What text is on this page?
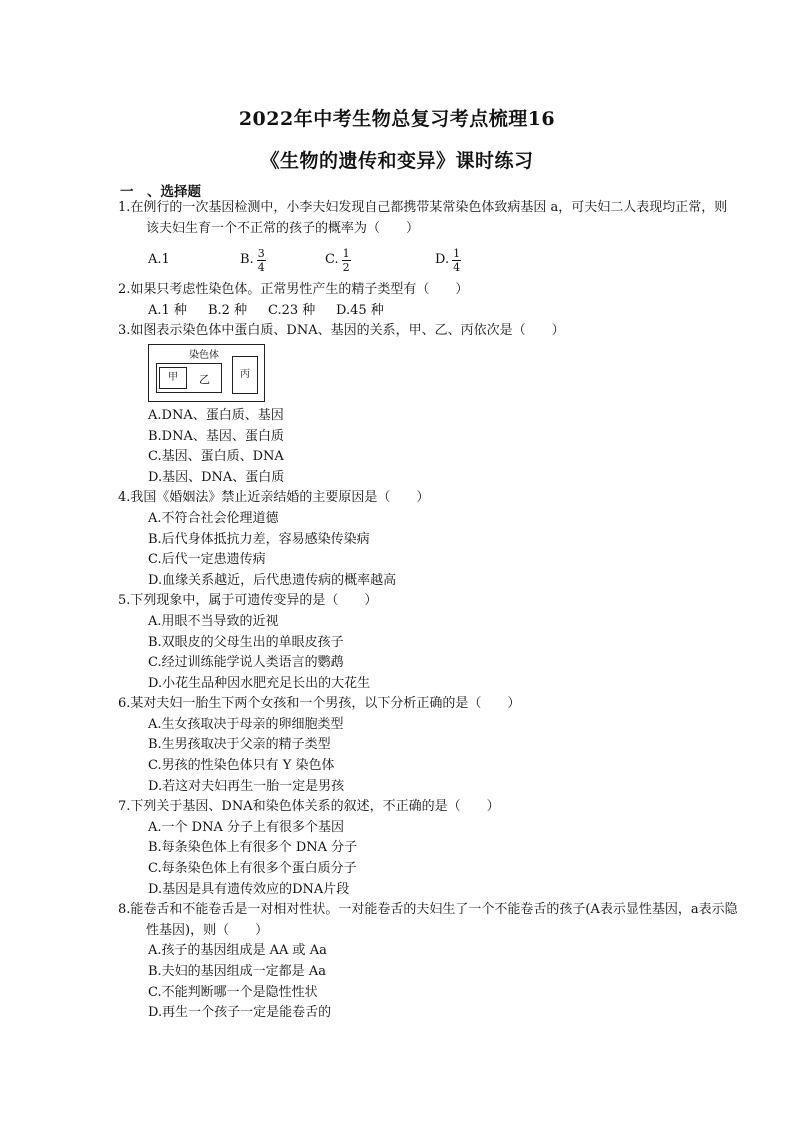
2022年中考生物总复习考点梳理16
《生物的遗传和变异》课时练习
一　、选择题

1.在例行的一次基因检测中，小李夫妇发现自己都携带某常染色体致病基因 a，可夫妇二人表现均正常，则该夫妇生育一个不正常的孩子的概率为（　　）

A.1	B. $\frac{3}{4}$	C. $\frac{1}{2}$	D. $\frac{1}{4}$

2.如果只考虑性染色体。正常男性产生的精子类型有（　　）

A.1 种	B.2 种	C.23 种	D.45 种

3.如图表示染色体中蛋白质、DNA、基因的关系，甲、乙、丙依次是（　　）

染色体
甲	乙	丙

A.DNA、蛋白质、基因

B.DNA、基因、蛋白质

C.基因、蛋白质、DNA

D.基因、DNA、蛋白质

4.我国《婚姻法》禁止近亲结婚的主要原因是（　　）

A.不符合社会伦理道德

B.后代身体抵抗力差，容易感染传染病

C.后代一定患遗传病

D.血缘关系越近，后代患遗传病的概率越高

5.下列现象中，属于可遗传变异的是（　　）

A.用眼不当导致的近视

B.双眼皮的父母生出的单眼皮孩子

C.经过训练能学说人类语言的鹦鹉

D.小花生品种因水肥充足长出的大花生

6.某对夫妇一胎生下两个女孩和一个男孩，以下分析正确的是（　　）

A.生女孩取决于母亲的卵细胞类型

B.生男孩取决于父亲的精子类型

C.男孩的性染色体只有 Y 染色体

D.若这对夫妇再生一胎一定是男孩

7.下列关于基因、DNA和染色体关系的叙述，不正确的是（　　）

A.一个 DNA 分子上有很多个基因

B.每条染色体上有很多个 DNA 分子

C.每条染色体上有很多个蛋白质分子

D.基因是具有遗传效应的DNA片段

8.能卷舌和不能卷舌是一对相对性状。一对能卷舌的夫妇生了一个不能卷舌的孩子(A表示显性基因，a表示隐性基因)，则（　　）

A.孩子的基因组成是 AA 或 Aa

B.夫妇的基因组成一定都是 Aa

C.不能判断哪一个是隐性性状

D.再生一个孩子一定是能卷舌的
